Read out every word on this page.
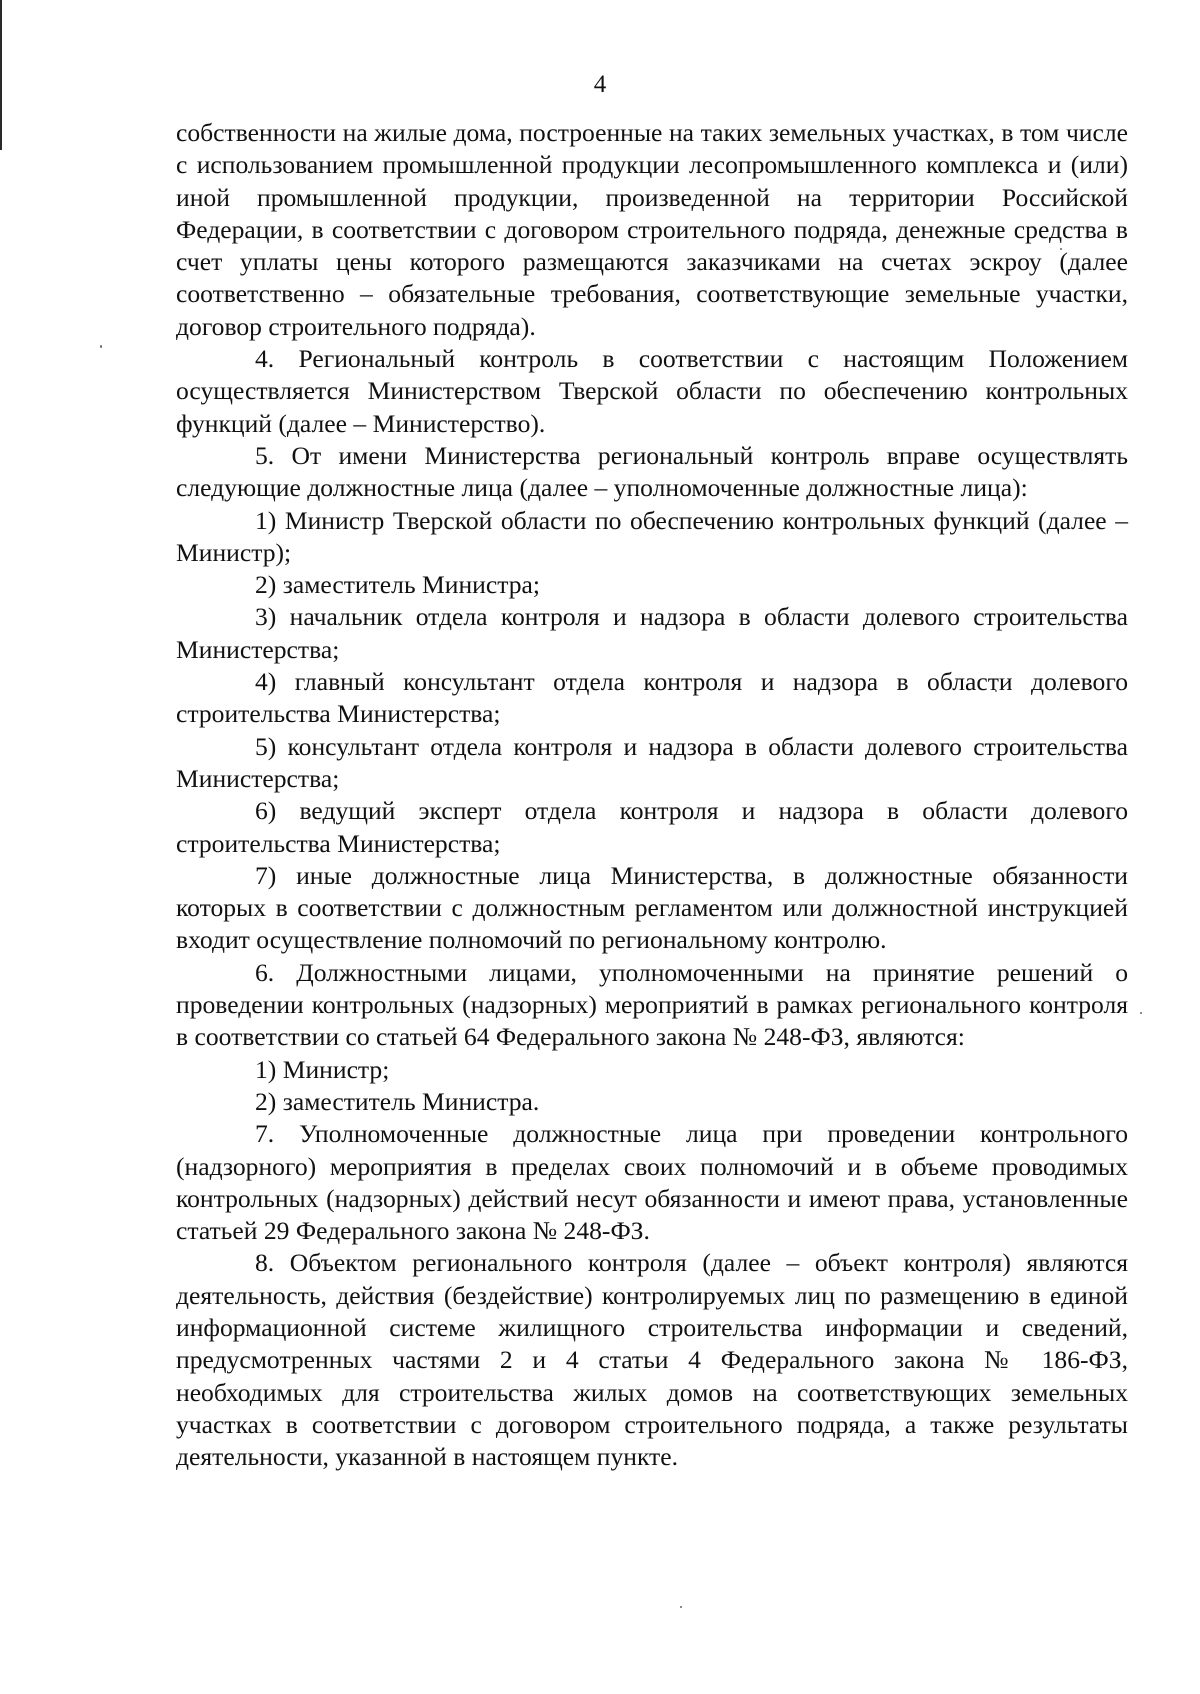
4

собственности на жилые дома, построенные на таких земельных участках, в том числе с использованием промышленной продукции лесопромышленного комплекса и (или) иной промышленной продукции, произведенной на территории Российской Федерации, в соответствии с договором строительного подряда, денежные средства в счет уплаты цены которого размещаются заказчиками на счетах эскроу (далее соответственно – обязательные требования, соответствующие земельные участки, договор строительного подряда).

4. Региональный контроль в соответствии с настоящим Положением осуществляется Министерством Тверской области по обеспечению контрольных функций (далее – Министерство).

5. От имени Министерства региональный контроль вправе осуществлять следующие должностные лица (далее – уполномоченные должностные лица):

1) Министр Тверской области по обеспечению контрольных функций (далее – Министр);

2) заместитель Министра;

3) начальник отдела контроля и надзора в области долевого строительства Министерства;

4) главный консультант отдела контроля и надзора в области долевого строительства Министерства;

5) консультант отдела контроля и надзора в области долевого строительства Министерства;

6) ведущий эксперт отдела контроля и надзора в области долевого строительства Министерства;

7) иные должностные лица Министерства, в должностные обязанности которых в соответствии с должностным регламентом или должностной инструкцией входит осуществление полномочий по региональному контролю.

6. Должностными лицами, уполномоченными на принятие решений о проведении контрольных (надзорных) мероприятий в рамках регионального контроля в соответствии со статьей 64 Федерального закона № 248-ФЗ, являются:

1) Министр;

2) заместитель Министра.

7. Уполномоченные должностные лица при проведении контрольного (надзорного) мероприятия в пределах своих полномочий и в объеме проводимых контрольных (надзорных) действий несут обязанности и имеют права, установленные статьей 29 Федерального закона № 248-ФЗ.

8. Объектом регионального контроля (далее – объект контроля) являются деятельность, действия (бездействие) контролируемых лиц по размещению в единой информационной системе жилищного строительства информации и сведений, предусмотренных частями 2 и 4 статьи 4 Федерального закона № 186-ФЗ, необходимых для строительства жилых домов на соответствующих земельных участках в соответствии с договором строительного подряда, а также результаты деятельности, указанной в настоящем пункте.
